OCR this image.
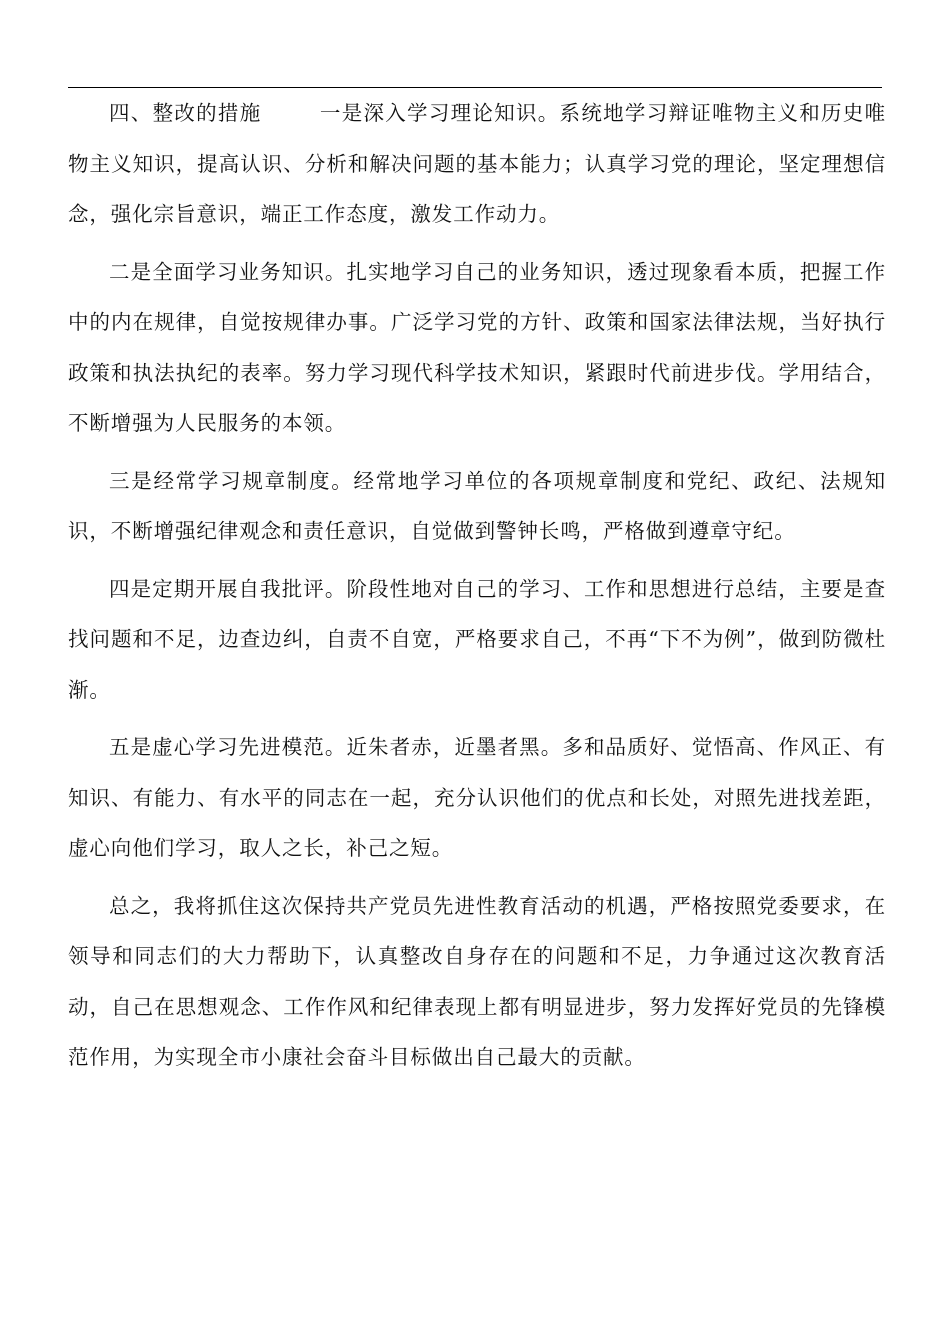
四、整改的措施	一是深入学习理论知识。系统地学习辩证唯物主义和历史唯物主义知识，提高认识、分析和解决问题的基本能力；认真学习党的理论，坚定理想信念，强化宗旨意识，端正工作态度，激发工作动力。

二是全面学习业务知识。扎实地学习自己的业务知识，透过现象看本质，把握工作中的内在规律，自觉按规律办事。广泛学习党的方针、政策和国家法律法规，当好执行政策和执法执纪的表率。努力学习现代科学技术知识，紧跟时代前进步伐。学用结合，不断增强为人民服务的本领。

三是经常学习规章制度。经常地学习单位的各项规章制度和党纪、政纪、法规知识，不断增强纪律观念和责任意识，自觉做到警钟长鸣，严格做到遵章守纪。

四是定期开展自我批评。阶段性地对自己的学习、工作和思想进行总结，主要是查找问题和不足，边查边纠，自责不自宽，严格要求自己，不再“下不为例”，做到防微杜渐。

五是虚心学习先进模范。近朱者赤，近墨者黑。多和品质好、觉悟高、作风正、有知识、有能力、有水平的同志在一起，充分认识他们的优点和长处，对照先进找差距，虚心向他们学习，取人之长，补己之短。

总之，我将抓住这次保持共产党员先进性教育活动的机遇，严格按照党委要求，在领导和同志们的大力帮助下，认真整改自身存在的问题和不足，力争通过这次教育活动，自己在思想观念、工作作风和纪律表现上都有明显进步，努力发挥好党员的先锋模范作用，为实现全市小康社会奋斗目标做出自己最大的贡献。
